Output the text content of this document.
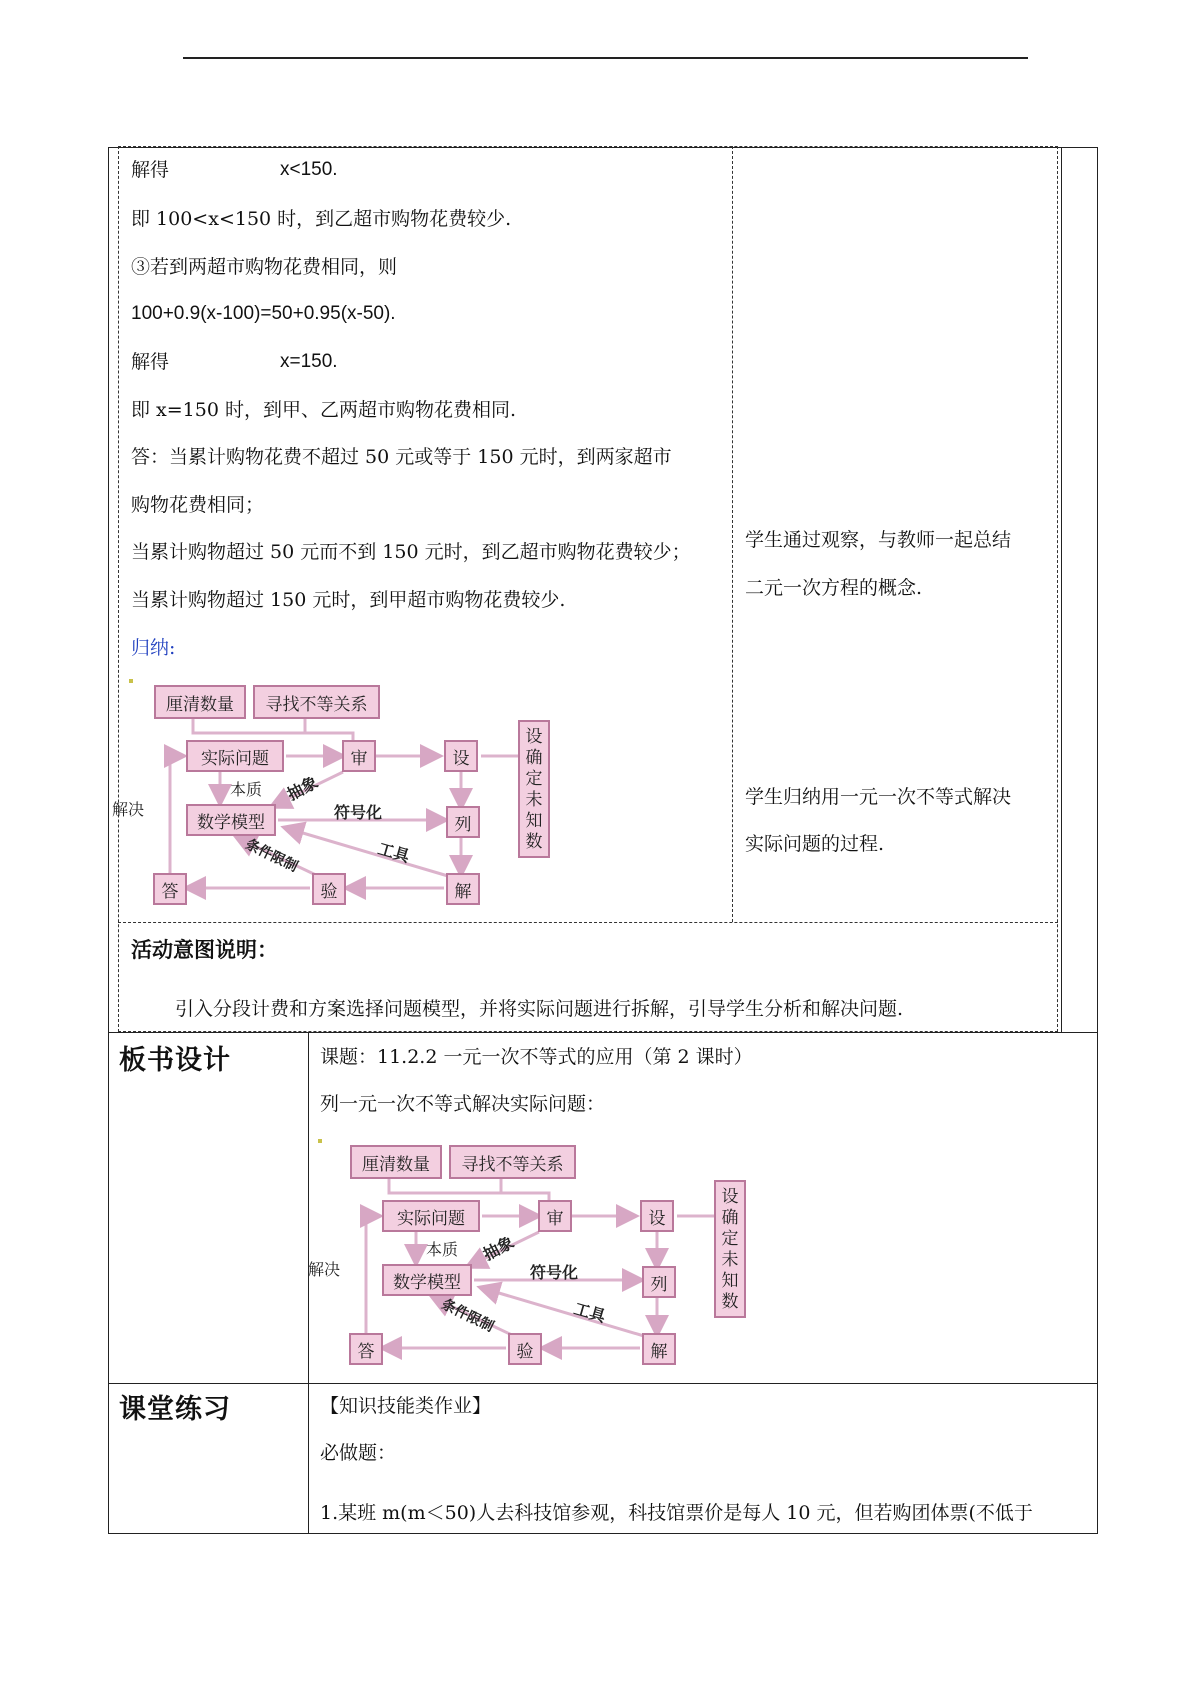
解得	x<150.
即 100<x<150 时，到乙超市购物花费较少.
③若到两超市购物花费相同，则
100+0.9(x-100)=50+0.95(x-50).
解得	x=150.
即 x=150 时，到甲、乙两超市购物花费相同.
答：当累计购物花费不超过 50 元或等于 150 元时，到两家超市
购物花费相同；
当累计购物超过 50 元而不到 150 元时，到乙超市购物花费较少；
当累计购物超过 150 元时，到甲超市购物花费较少.
归纳:
学生通过观察，与教师一起总结
二元一次方程的概念.
学生归纳用一元一次不等式解决
实际问题的过程.
活动意图说明：
引入分段计费和方案选择问题模型，并将实际问题进行拆解，引导学生分析和解决问题.
板书设计	课题：11.2.2 一元一次不等式的应用（第 2 课时）
列一元一次不等式解决实际问题：
课堂练习	【知识技能类作业】
必做题：
1.某班 m(m＜50)人去科技馆参观，科技馆票价是每人 10 元，但若购团体票(不低于
厘清数量	寻找不等关系
实际问题	审	设
设
确
定
未
知
数
数学模型	列
答	验	解
本质 抽象
符号化
工具
条件限制
解决
厘清数量	寻找不等关系
实际问题	审	设
设
确
定
未
知
数
数学模型	列
答	验	解
本质 抽象
符号化
工具
条件限制
解决
